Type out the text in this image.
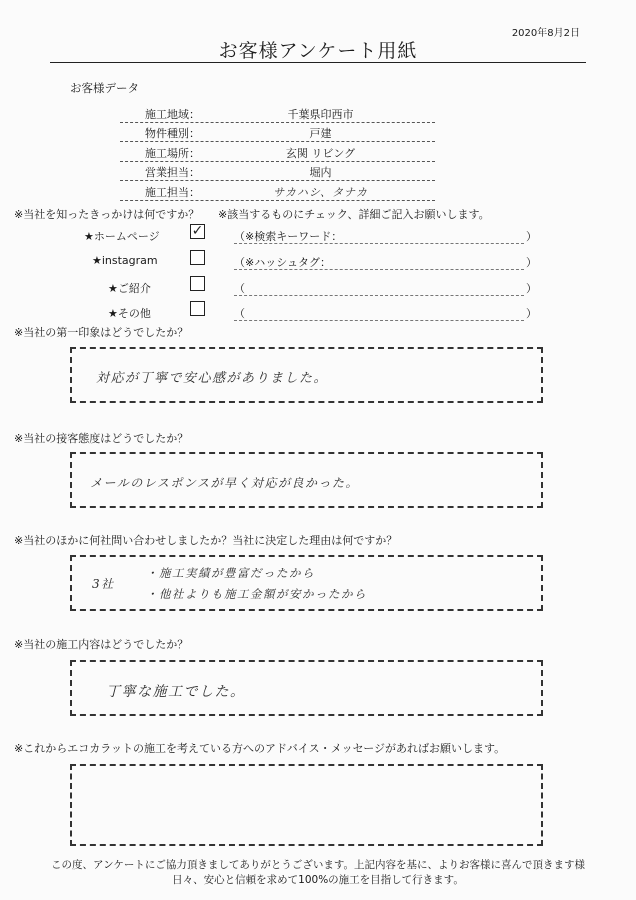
2020年8月2日
お客様アンケート用紙
お客様データ
施工地域：	千葉県印西市
物件種別：	戸建
施工場所：	玄関 リビング
営業担当：	堀内
施工担当：	サカハシ、タナカ
※当社を知ったきっかけは何ですか？ ※該当するものにチェック、詳細ご記入お願いします。
★ホームページ ✓	（※検索キーワード：	）
★instagram	（※ハッシュタグ：	）
★ご紹介	（	）
★その他	（	）
※当社の第一印象はどうでしたか？
対応が丁寧で安心感がありました。
※当社の接客態度はどうでしたか？
メールのレスポンスが早く対応が良かった。
※当社のほかに何社問い合わせしましたか？当社に決定した理由は何ですか？
3社
・施工実績が豊富だったから
・他社よりも施工金額が安かったから
※当社の施工内容はどうでしたか？
丁寧な施工でした。
※これからエコカラットの施工を考えている方へのアドバイス・メッセージがあればお願いします。
この度、アンケートにご協力頂きましてありがとうございます。上記内容を基に、よりお客様に喜んで頂きます様
日々、安心と信頼を求めて100%の施工を目指して行きます。
